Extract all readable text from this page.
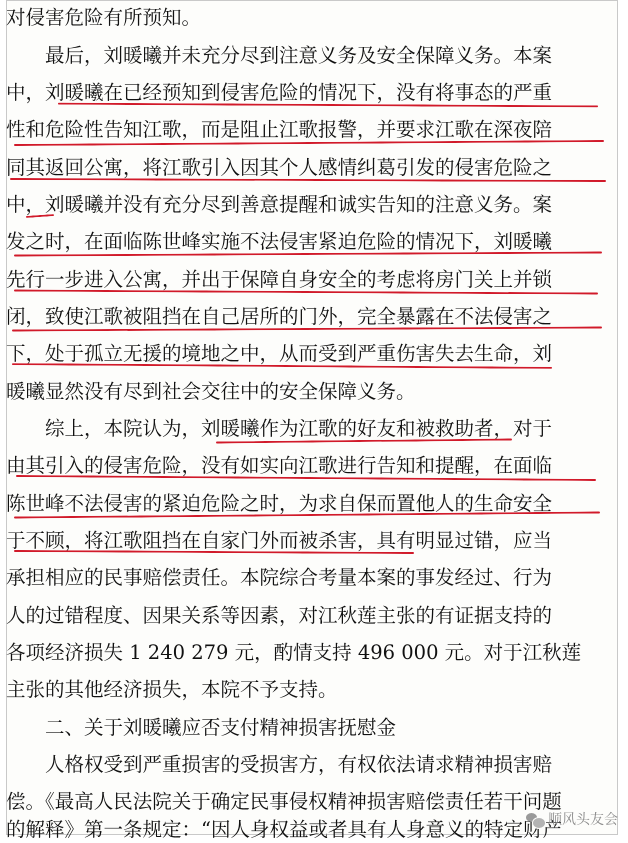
对侵害危险有所预知。
　　最后，刘暖曦并未充分尽到注意义务及安全保障义务。本案
中，刘暖曦在已经预知到侵害危险的情况下，没有将事态的严重
性和危险性告知江歌，而是阻止江歌报警，并要求江歌在深夜陪
同其返回公寓，将江歌引入因其个人感情纠葛引发的侵害危险之
中，刘暖曦并没有充分尽到善意提醒和诚实告知的注意义务。案
发之时，在面临陈世峰实施不法侵害紧迫危险的情况下，刘暖曦
先行一步进入公寓，并出于保障自身安全的考虑将房门关上并锁
闭，致使江歌被阻挡在自己居所的门外，完全暴露在不法侵害之
下，处于孤立无援的境地之中，从而受到严重伤害失去生命，刘
暖曦显然没有尽到社会交往中的安全保障义务。
　　综上，本院认为，刘暖曦作为江歌的好友和被救助者，对于
由其引入的侵害危险，没有如实向江歌进行告知和提醒，在面临
陈世峰不法侵害的紧迫危险之时，为求自保而置他人的生命安全
于不顾，将江歌阻挡在自家门外而被杀害，具有明显过错，应当
承担相应的民事赔偿责任。本院综合考量本案的事发经过、行为
人的过错程度、因果关系等因素，对江秋莲主张的有证据支持的
各项经济损失 1 240 279 元，酌情支持 496 000 元。对于江秋莲
主张的其他经济损失，本院不予支持。
　　二、关于刘暖曦应否支付精神损害抚慰金
　　人格权受到严重损害的受损害方，有权依法请求精神损害赔
偿。《最高人民法院关于确定民事侵权精神损害赔偿责任若干问题
的解释》第一条规定：“因人身权益或者具有人身意义的特定财产
顺风头友会
